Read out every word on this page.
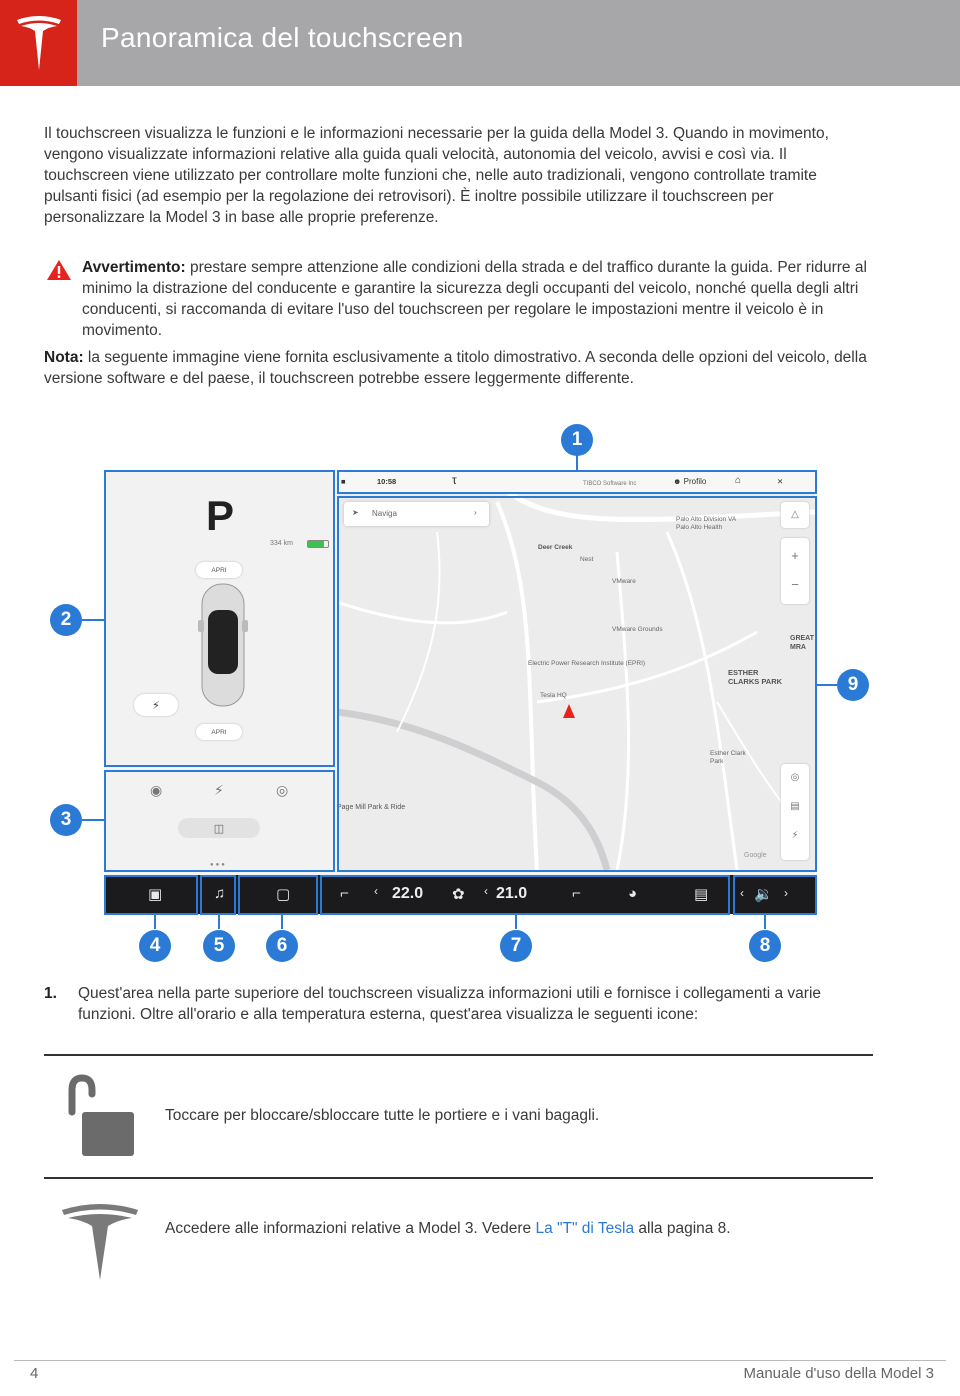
Panoramica del touchscreen

Il touchscreen visualizza le funzioni e le informazioni necessarie per la guida della Model 3. Quando in movimento, vengono visualizzate informazioni relative alla guida quali velocità, autonomia del veicolo, avvisi e così via. Il touchscreen viene utilizzato per controllare molte funzioni che, nelle auto tradizionali, vengono controllate tramite pulsanti fisici (ad esempio per la regolazione dei retrovisori). È inoltre possibile utilizzare il touchscreen per personalizzare la Model 3 in base alle proprie preferenze.

Avvertimento: prestare sempre attenzione alle condizioni della strada e del traffico durante la guida. Per ridurre al minimo la distrazione del conducente e garantire la sicurezza degli occupanti del veicolo, nonché quella degli altri conducenti, si raccomanda di evitare l'uso del touchscreen per regolare le impostazioni mentre il veicolo è in movimento.

Nota: la seguente immagine viene fornita esclusivamente a titolo dimostrativo. A seconda delle opzioni del veicolo, della versione software e del paese, il touchscreen potrebbe essere leggermente differente.

■	10:58	τ	TIBCO Software Inc	☻ Profilo	⌂	✕
➤ Naviga	›	△
+
−
◎
▤
⚡
Deer Creek
Nest
VMware
VMware Grounds
Palo Alto Division VA Palo Alto Health
Electric Power Research Institute (EPRI)
Tesla HQ
ESTHER CLARKS PARK
Esther Clark Park
Page Mill Park & Ride
GREAT MRA
Google
P
334 km
APRI
⚡
APRI
◉	⚡	◎
◫
●●●
▣	♫	▢	⌐ ‹ 22.0 ✿ ‹ 21.0	⌐	◕	▤	‹ 🔉 ›
1
2
3
4	5	6	7	8
9
1. Quest'area nella parte superiore del touchscreen visualizza informazioni utili e fornisce i collegamenti a varie funzioni. Oltre all'orario e alla temperatura esterna, quest'area visualizza le seguenti icone:
Toccare per bloccare/sbloccare tutte le portiere e i vani bagagli.
Accedere alle informazioni relative a Model 3. Vedere La "T" di Tesla alla pagina 8.
4	Manuale d'uso della Model 3
